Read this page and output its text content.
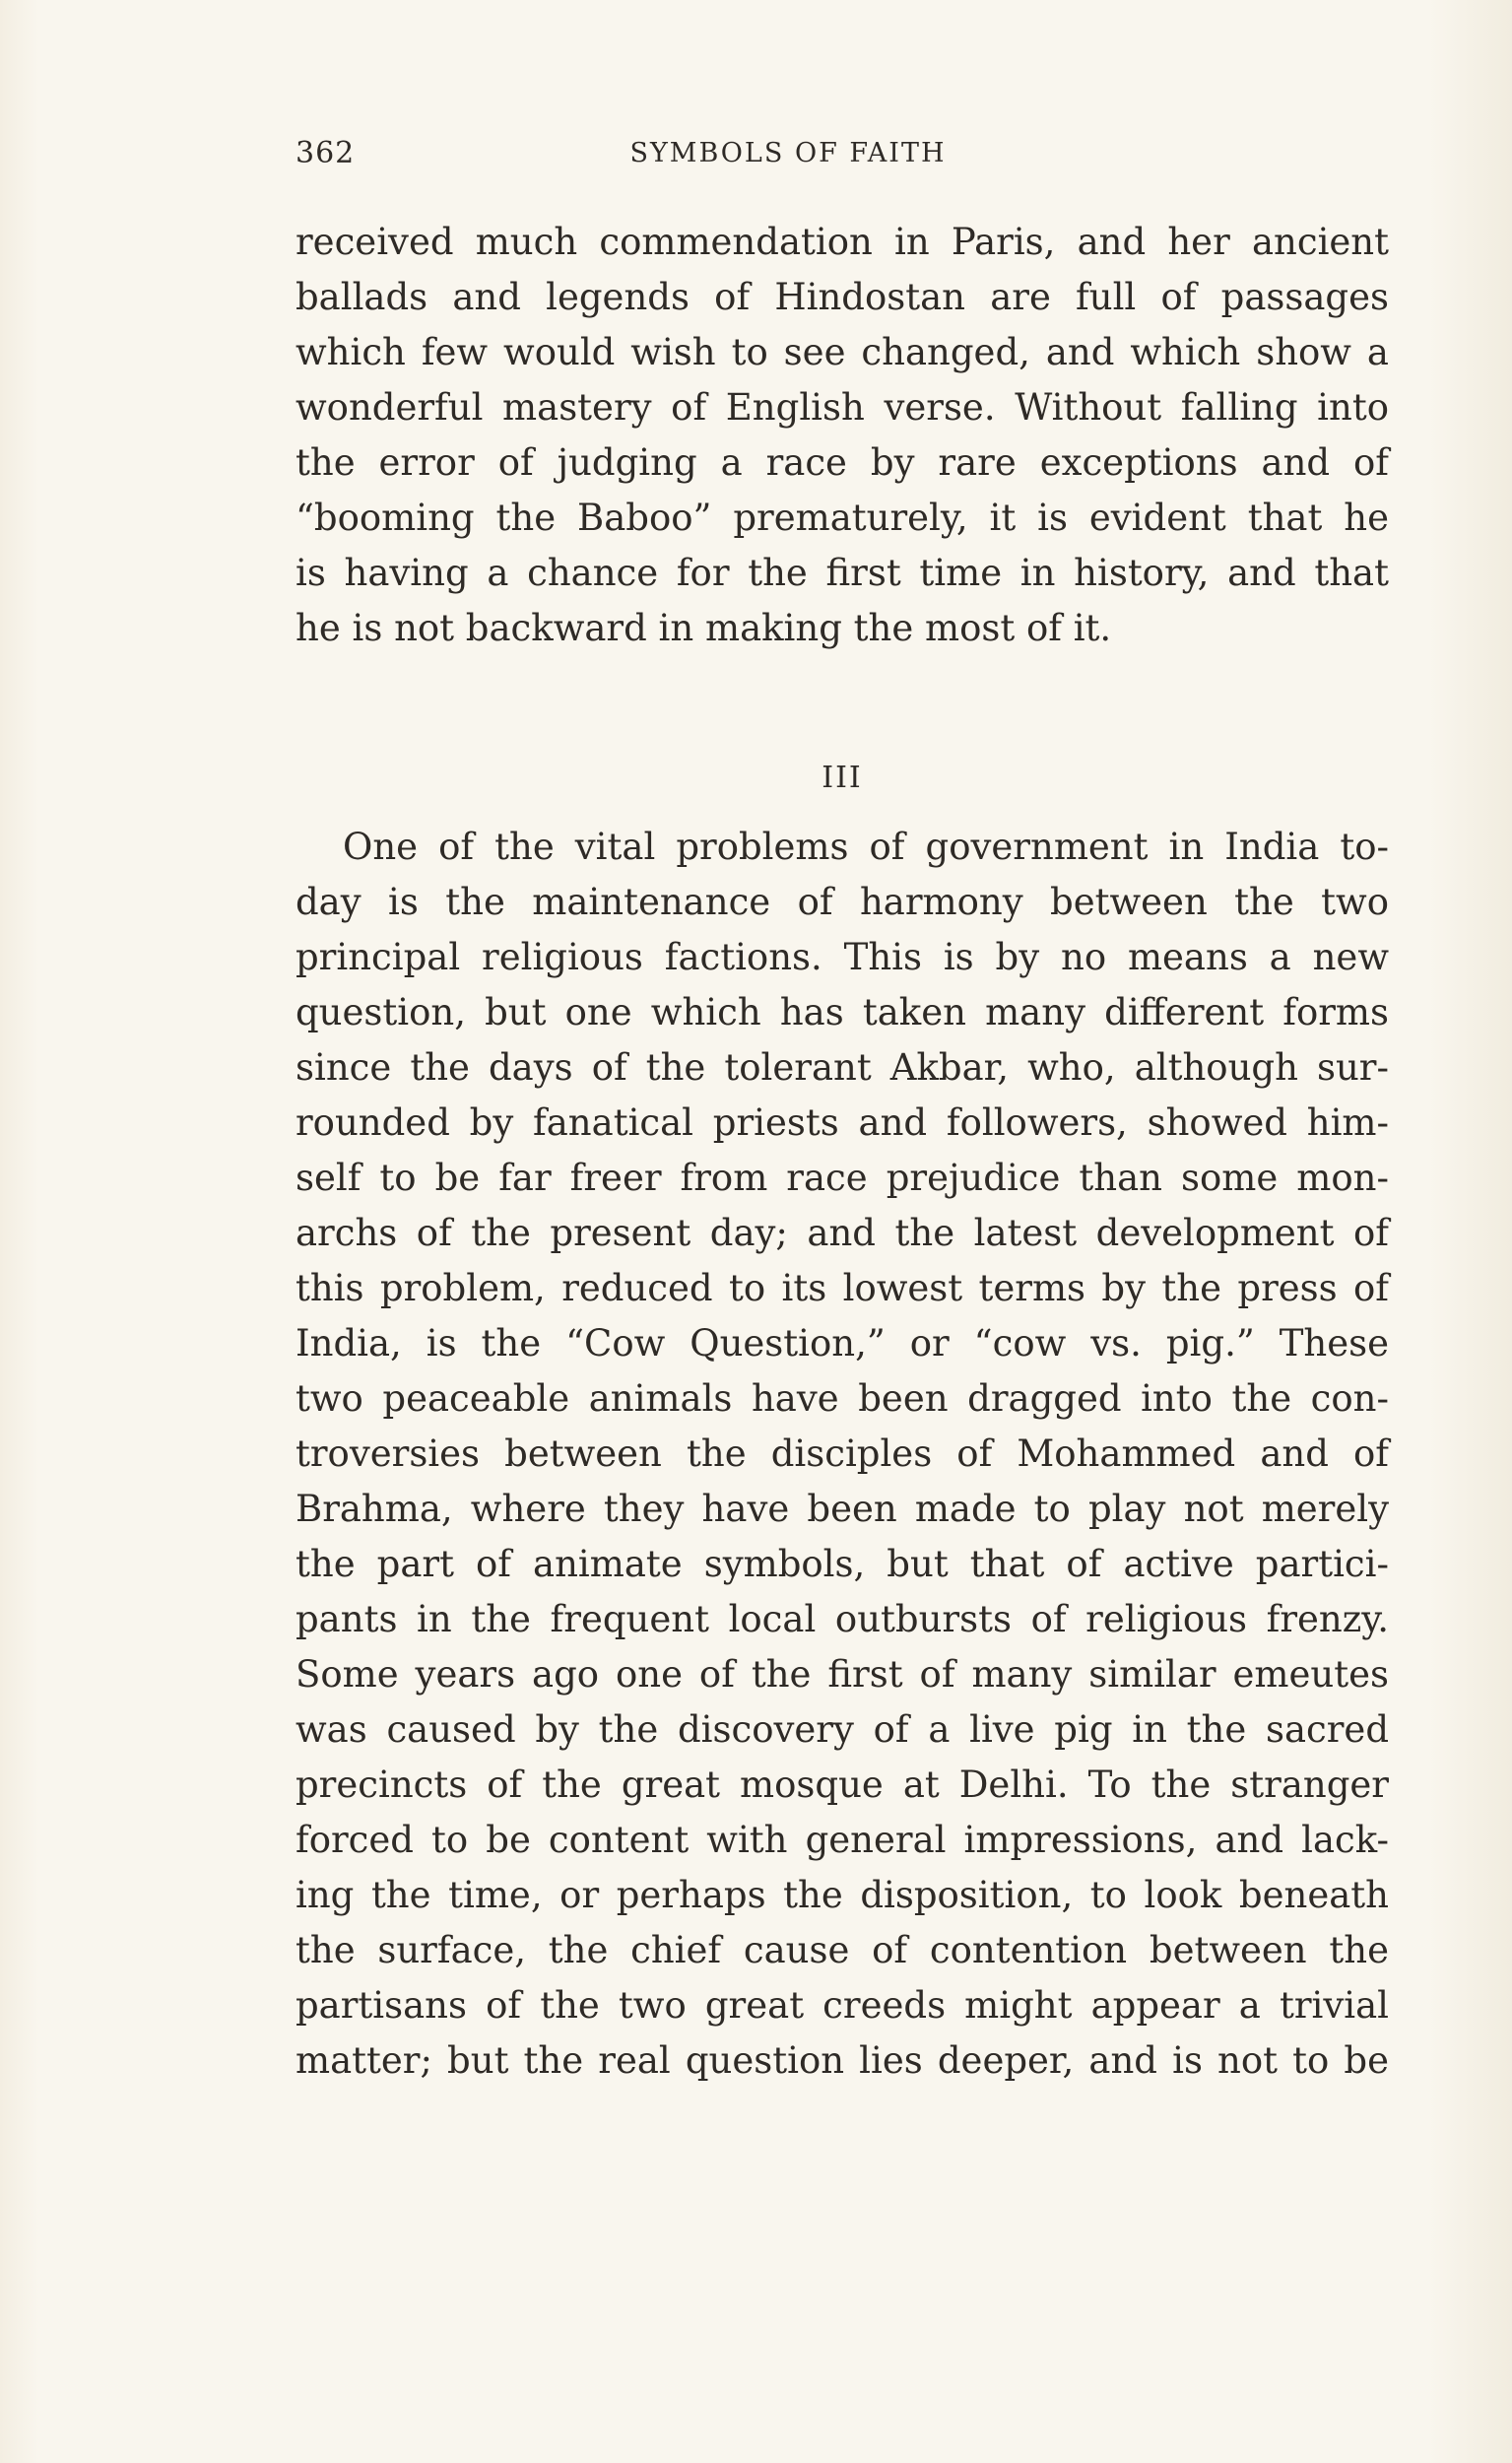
362	SYMBOLS OF FAITH
received much commendation in Paris, and her ancient
ballads and legends of Hindostan are full of passages
which few would wish to see changed, and which show a
wonderful mastery of English verse. Without falling into
the error of judging a race by rare exceptions and of
“booming the Baboo” prematurely, it is evident that he
is having a chance for the first time in history, and that
he is not backward in making the most of it.
III
One of the vital problems of government in India to-
day is the maintenance of harmony between the two
principal religious factions. This is by no means a new
question, but one which has taken many different forms
since the days of the tolerant Akbar, who, although sur-
rounded by fanatical priests and followers, showed him-
self to be far freer from race prejudice than some mon-
archs of the present day; and the latest development of
this problem, reduced to its lowest terms by the press of
India, is the “Cow Question,” or “cow vs. pig.” These
two peaceable animals have been dragged into the con-
troversies between the disciples of Mohammed and of
Brahma, where they have been made to play not merely
the part of animate symbols, but that of active partici-
pants in the frequent local outbursts of religious frenzy.
Some years ago one of the first of many similar emeutes
was caused by the discovery of a live pig in the sacred
precincts of the great mosque at Delhi. To the stranger
forced to be content with general impressions, and lack-
ing the time, or perhaps the disposition, to look beneath
the surface, the chief cause of contention between the
partisans of the two great creeds might appear a trivial
matter; but the real question lies deeper, and is not to be
